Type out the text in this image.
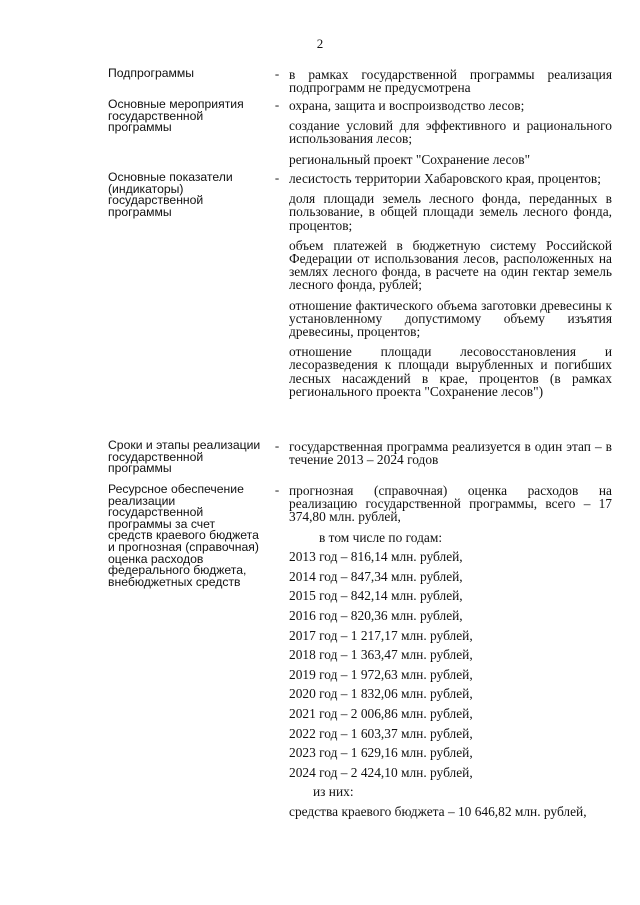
2
Подпрограммы	- в рамках государственной программы реализация подпрограмм не предусмотрена

Основные мероприятия государственной программы
- охрана, защита и воспроизводство лесов;

создание условий для эффективного и рационального использования лесов;

региональный проект "Сохранение лесов"

Основные показатели (индикаторы) государственной программы
- лесистость территории Хабаровского края, процентов;

доля площади земель лесного фонда, переданных в пользование, в общей площади земель лесного фонда, процентов;

объем платежей в бюджетную систему Российской Федерации от использования лесов, расположенных на землях лесного фонда, в расчете на один гектар земель лесного фонда, рублей;

отношение фактического объема заготовки древесины к установленному допустимому объему изъятия древесины, процентов;

отношение площади лесовосстановления и лесоразведения к площади вырубленных и погибших лесных насаждений в крае, процентов (в рамках регионального проекта "Сохранение лесов")

Сроки и этапы реализации государственной программы
- государственная программа реализуется в один этап – в течение 2013 – 2024 годов

Ресурсное обеспечение реализации государственной программы за счет средств краевого бюджета и прогнозная (справочная) оценка расходов федерального бюджета, внебюджетных средств
- прогнозная (справочная) оценка расходов на реализацию государственной программы, всего – 17 374,80 млн. рублей,

в том числе по годам:
2013 год – 816,14 млн. рублей,
2014 год – 847,34 млн. рублей,
2015 год – 842,14 млн. рублей,
2016 год – 820,36 млн. рублей,
2017 год – 1 217,17 млн. рублей,
2018 год – 1 363,47 млн. рублей,
2019 год – 1 972,63 млн. рублей,
2020 год – 1 832,06 млн. рублей,
2021 год – 2 006,86 млн. рублей,
2022 год – 1 603,37 млн. рублей,
2023 год – 1 629,16 млн. рублей,
2024 год – 2 424,10 млн. рублей,
из них:

средства краевого бюджета – 10 646,82 млн. рублей,
